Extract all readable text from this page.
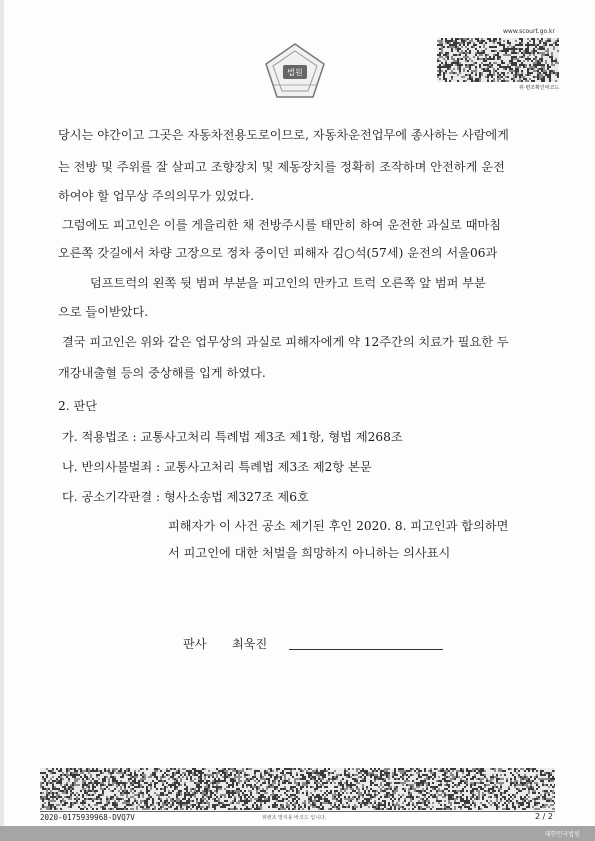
법원
www.scourt.go.kr
위·변조확인바코드
당시는 야간이고 그곳은 자동차전용도로이므로, 자동차운전업무에 종사하는 사람에게
는 전방 및 주위를 잘 살피고 조향장치 및 제동장치를 정확히 조작하며 안전하게 운전
하여야 할 업무상 주의의무가 있었다.
그럼에도 피고인은 이를 게을리한 채 전방주시를 태만히 하여 운전한 과실로 때마침
오른쪽 갓길에서 차량 고장으로 정차 중이던 피해자 김○석(57세) 운전의 서울06과
덤프트럭의 왼쪽 뒷 범퍼 부분을 피고인의 만카고 트럭 오른쪽 앞 범퍼 부분
으로 들이받았다.
결국 피고인은 위와 같은 업무상의 과실로 피해자에게 약 12주간의 치료가 필요한 두
개강내출혈 등의 중상해를 입게 하였다.
2. 판단
가. 적용법조 : 교통사고처리 특례법 제3조 제1항, 형법 제268조
나. 반의사불벌죄 : 교통사고처리 특례법 제3조 제2항 본문
다. 공소기각판결 : 형사소송법 제327조 제6호
피해자가 이 사건 공소 제기된 후인 2020. 8. 피고인과 합의하면
서 피고인에 대한 처벌을 희망하지 아니하는 의사표시
판사 최욱진
2020-0175939968-DVQ7V	위변조 방지용 바코드 입니다.	2 / 2
대한민국법원
